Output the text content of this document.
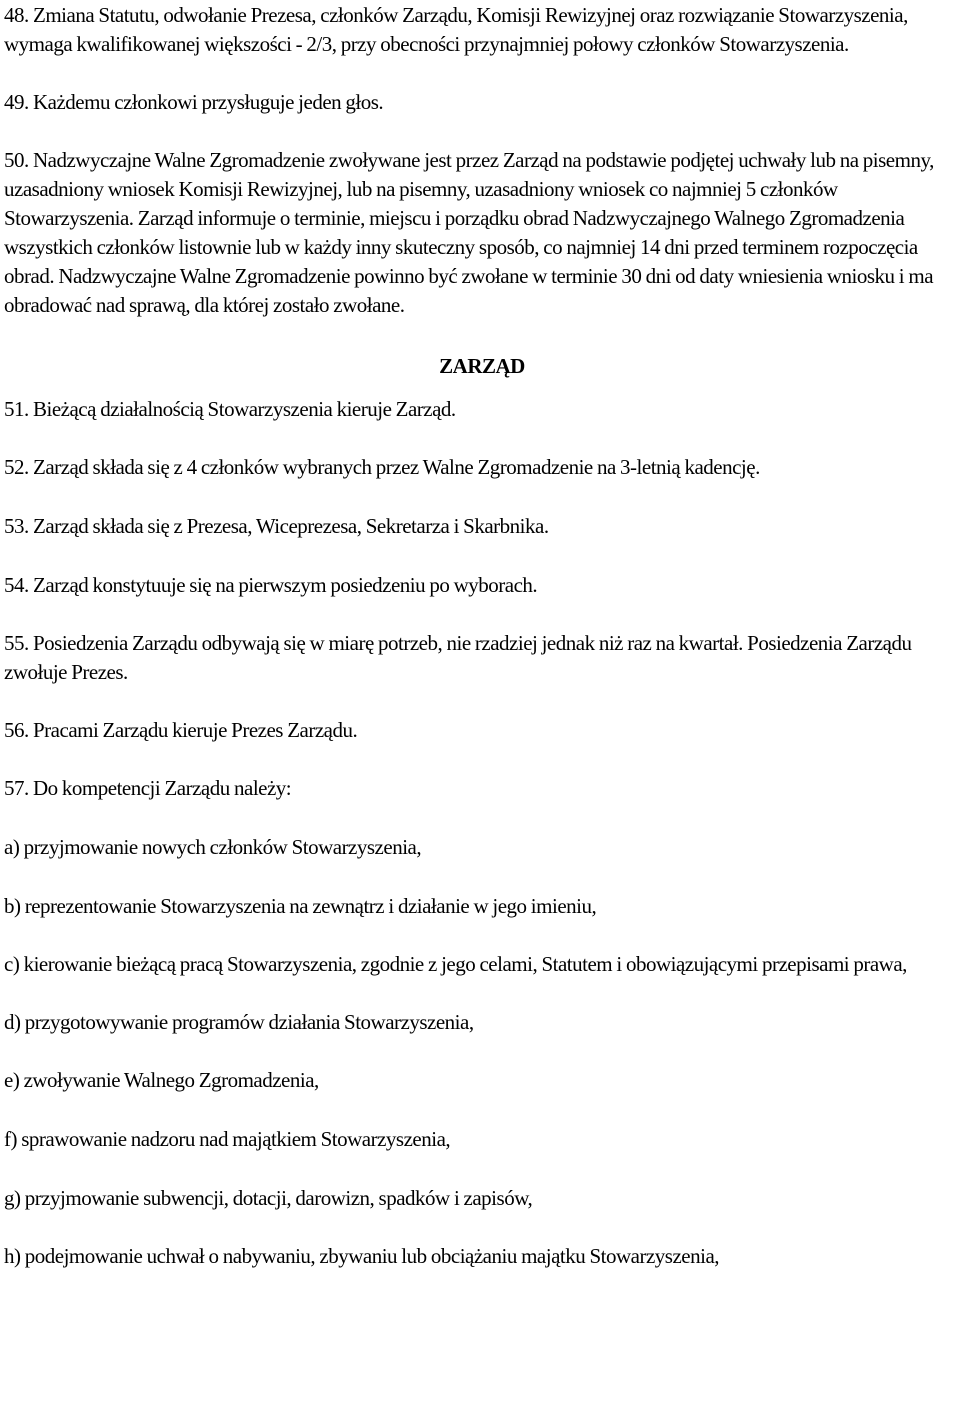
48. Zmiana Statutu, odwołanie Prezesa, członków Zarządu, Komisji Rewizyjnej oraz rozwiązanie Stowarzyszenia, wymaga kwalifikowanej większości - 2/3, przy obecności przynajmniej połowy członków Stowarzyszenia.

49. Każdemu członkowi przysługuje jeden głos.

50. Nadzwyczajne Walne Zgromadzenie zwoływane jest przez Zarząd na podstawie podjętej uchwały lub na pisemny, uzasadniony wniosek Komisji Rewizyjnej, lub na pisemny, uzasadniony wniosek co najmniej 5 członków Stowarzyszenia. Zarząd informuje o terminie, miejscu i porządku obrad Nadzwyczajnego Walnego Zgromadzenia wszystkich członków listownie lub w każdy inny skuteczny sposób, co najmniej 14 dni przed terminem rozpoczęcia obrad. Nadzwyczajne Walne Zgromadzenie powinno być zwołane w terminie 30 dni od daty wniesienia wniosku i ma obradować nad sprawą, dla której zostało zwołane.

ZARZĄD

51. Bieżącą działalnością Stowarzyszenia kieruje Zarząd.

52. Zarząd składa się z 4 członków wybranych przez Walne Zgromadzenie na 3-letnią kadencję.

53. Zarząd składa się z Prezesa, Wiceprezesa, Sekretarza i Skarbnika.

54. Zarząd konstytuuje się na pierwszym posiedzeniu po wyborach.

55. Posiedzenia Zarządu odbywają się w miarę potrzeb, nie rzadziej jednak niż raz na kwartał. Posiedzenia Zarządu zwołuje Prezes.

56. Pracami Zarządu kieruje Prezes Zarządu.

57. Do kompetencji Zarządu należy:

a) przyjmowanie nowych członków Stowarzyszenia,

b) reprezentowanie Stowarzyszenia na zewnątrz i działanie w jego imieniu,

c) kierowanie bieżącą pracą Stowarzyszenia, zgodnie z jego celami, Statutem i obowiązującymi przepisami prawa,

d) przygotowywanie programów działania Stowarzyszenia,

e) zwoływanie Walnego Zgromadzenia,

f) sprawowanie nadzoru nad majątkiem Stowarzyszenia,

g) przyjmowanie subwencji, dotacji, darowizn, spadków i zapisów,

h) podejmowanie uchwał o nabywaniu, zbywaniu lub obciążaniu majątku Stowarzyszenia,
